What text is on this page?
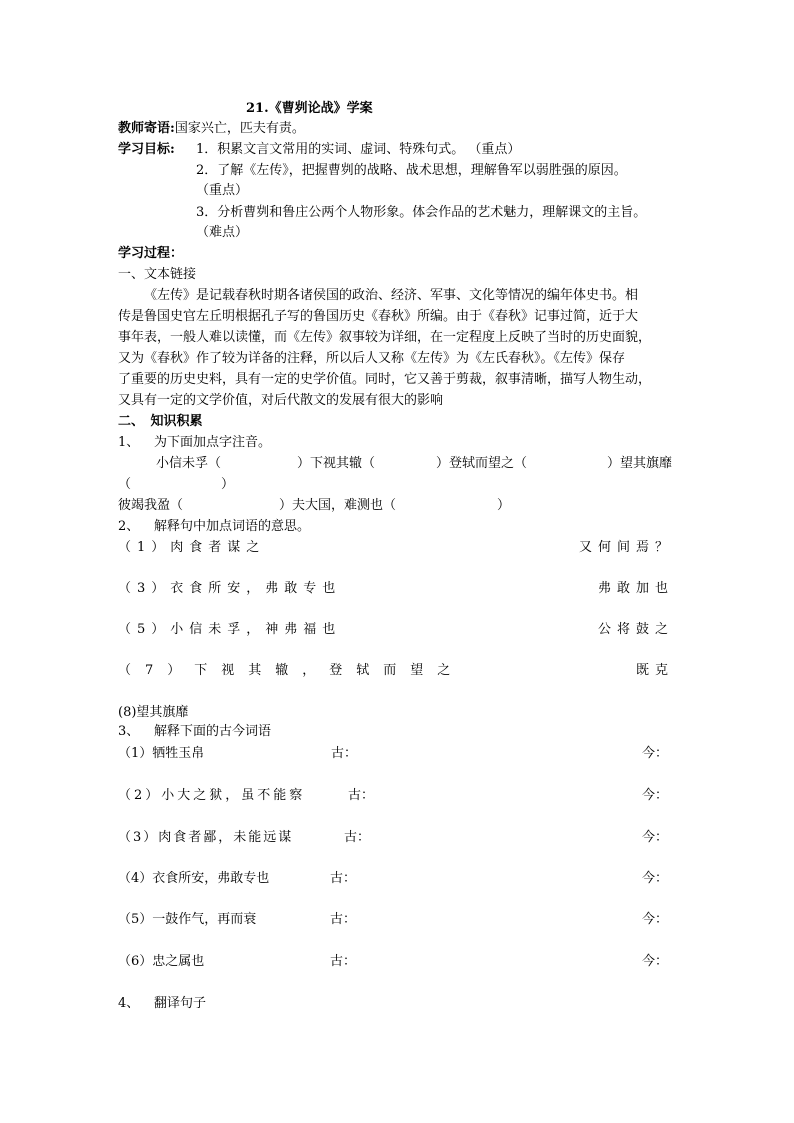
21.《曹刿论战》学案
教师寄语:国家兴亡，匹夫有责。
学习目标: 1．积累文言文常用的实词、虚词、特殊句式。 （重点）
2．了解《左传》，把握曹刿的战略、战术思想，理解鲁军以弱胜强的原因。
（重点）
3．分析曹刿和鲁庄公两个人物形象。体会作品的艺术魅力，理解课文的主旨。
（难点）
学习过程：
一、文本链接
《左传》是记载春秋时期各诸侯国的政治、经济、军事、文化等情况的编年体史书。相
传是鲁国史官左丘明根据孔子写的鲁国历史《春秋》所编。由于《春秋》记事过简，近于大
事年表，一般人难以读懂，而《左传》叙事较为详细，在一定程度上反映了当时的历史面貌，
又为《春秋》作了较为详备的注释，所以后人又称《左传》为《左氏春秋》。《左传》保存
了重要的历史史料，具有一定的史学价值。同时，它又善于剪裁，叙事清晰，描写人物生动，
又具有一定的文学价值，对后代散文的发展有很大的影响
二、　知识积累
1、 为下面加点字注音。
小信未孚（	）下视其辙（	）登轼而望之（	）望其旗靡
（	）
彼竭我盈（	）夫大国，难测也（	）
2、 解释句中加点词语的意思。
（1）肉食者谋之	又何间焉？
（3）衣食所安，弗敢专也	弗敢加也
（5）小信未孚，神弗福也	公将鼓之
（7）下视其辙，登轼而望之	既克
(8)望其旗靡
3、 解释下面的古今词语
（1）牺牲玉帛	古：	今：
（2）小大之狱，虽不能察	古：	今：
（3）肉食者鄙，未能远谋	古：	今：
（4）衣食所安，弗敢专也	古：	今：
（5）一鼓作气，再而衰	古：	今：
（6）忠之属也	古：	今：
4、 翻译句子
